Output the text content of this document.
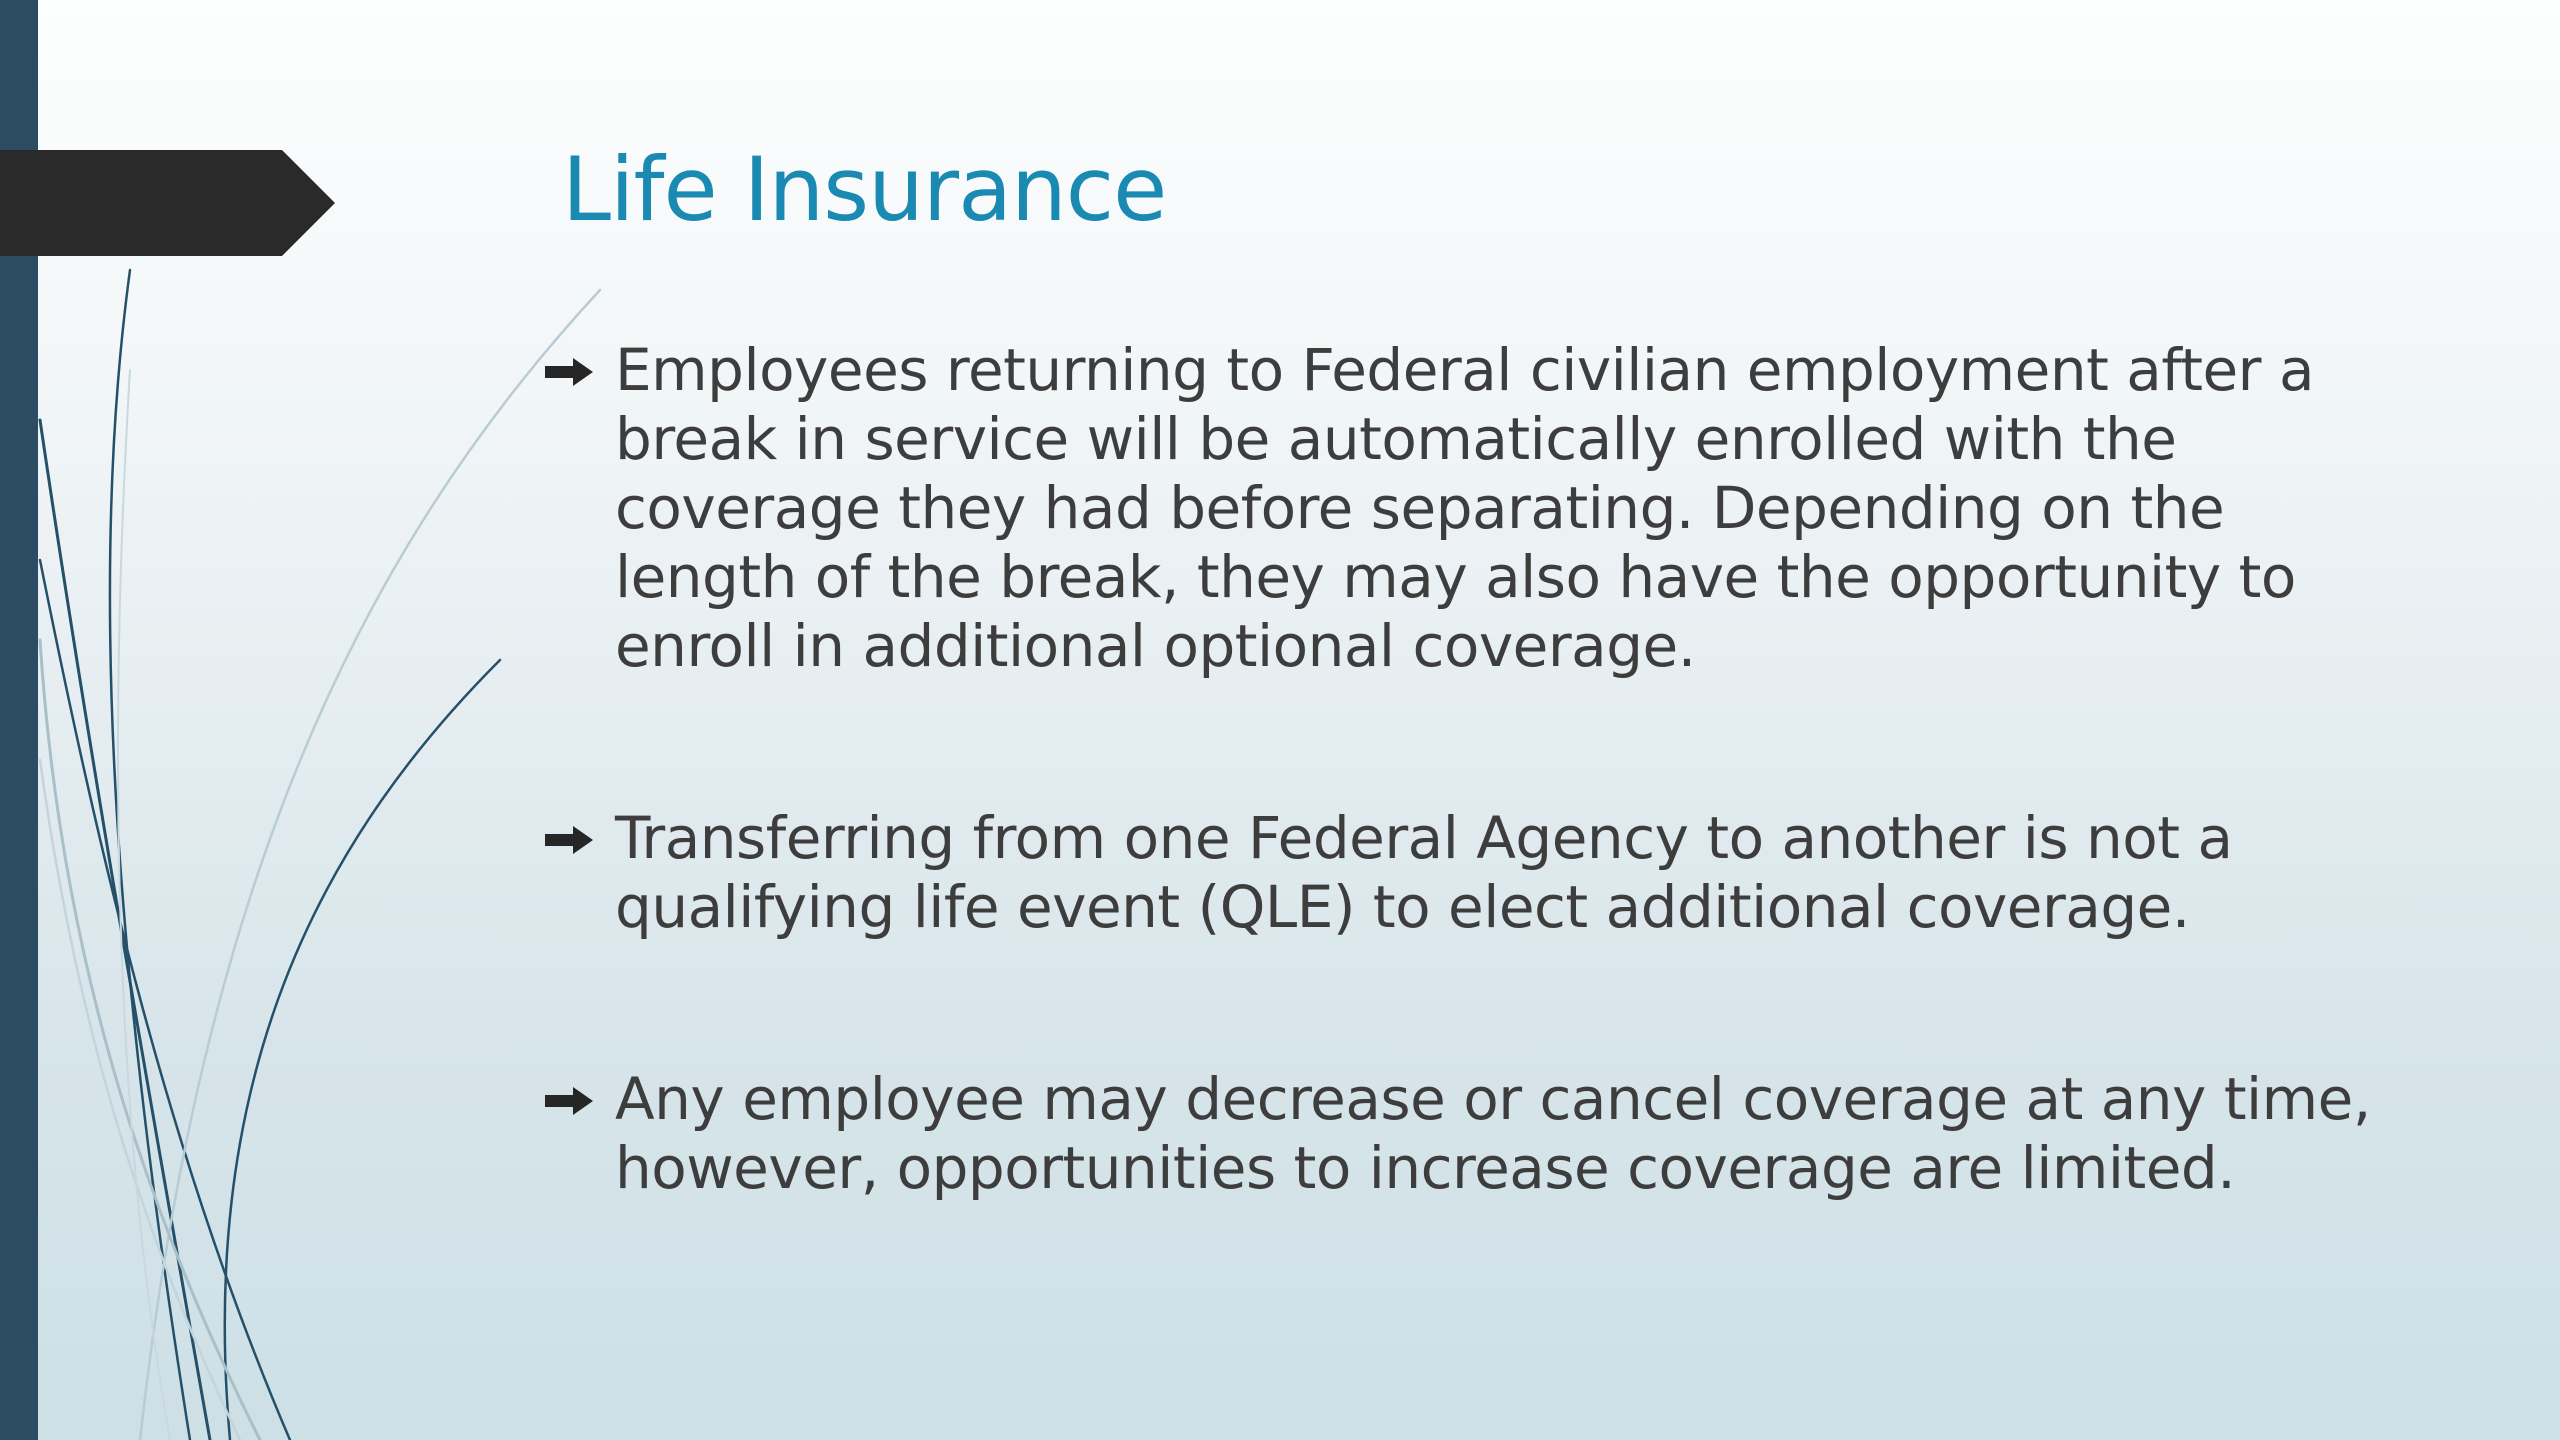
Life Insurance
Employees returning to Federal civilian employment after a break in service will be automatically enrolled with the coverage they had before separating. Depending on the length of the break, they may also have the opportunity to enroll in additional optional coverage.
Transferring from one Federal Agency to another is not a qualifying life event (QLE) to elect additional coverage.
Any employee may decrease or cancel coverage at any time, however, opportunities to increase coverage are limited.
